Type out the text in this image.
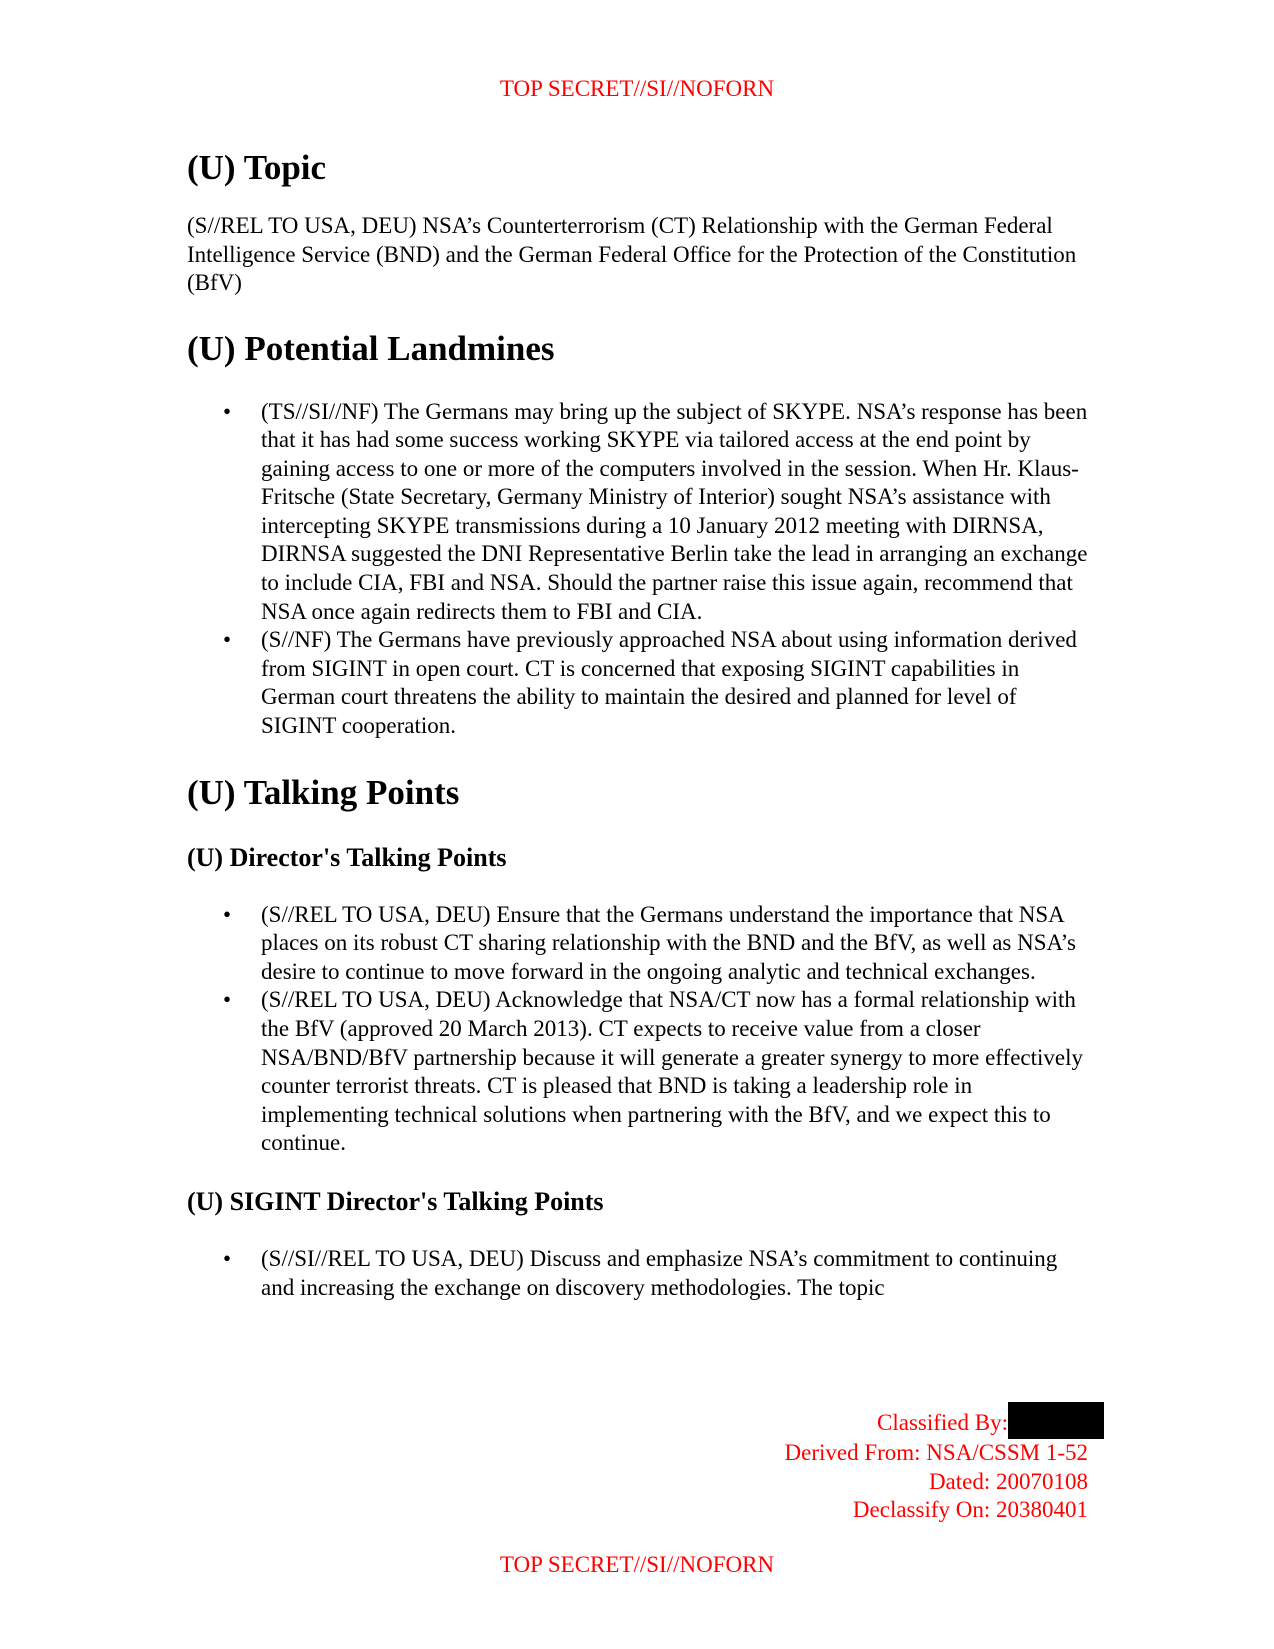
TOP SECRET//SI//NOFORN
(U) Topic

(S//REL TO USA, DEU) NSA’s Counterterrorism (CT) Relationship with the German Federal Intelligence Service (BND) and the German Federal Office for the Protection of the Constitution (BfV)

(U) Potential Landmines
• (TS//SI//NF) The Germans may bring up the subject of SKYPE. NSA’s response has been that it has had some success working SKYPE via tailored access at the end point by gaining access to one or more of the computers involved in the session. When Hr. Klaus-Fritsche (State Secretary, Germany Ministry of Interior) sought NSA’s assistance with intercepting SKYPE transmissions during a 10 January 2012 meeting with DIRNSA, DIRNSA suggested the DNI Representative Berlin take the lead in arranging an exchange to include CIA, FBI and NSA. Should the partner raise this issue again, recommend that NSA once again redirects them to FBI and CIA.
• (S//NF) The Germans have previously approached NSA about using information derived from SIGINT in open court. CT is concerned that exposing SIGINT capabilities in German court threatens the ability to maintain the desired and planned for level of SIGINT cooperation.
(U) Talking Points
(U) Director's Talking Points
• (S//REL TO USA, DEU) Ensure that the Germans understand the importance that NSA places on its robust CT sharing relationship with the BND and the BfV, as well as NSA’s desire to continue to move forward in the ongoing analytic and technical exchanges.
• (S//REL TO USA, DEU) Acknowledge that NSA/CT now has a formal relationship with the BfV (approved 20 March 2013). CT expects to receive value from a closer NSA/BND/BfV partnership because it will generate a greater synergy to more effectively counter terrorist threats. CT is pleased that BND is taking a leadership role in implementing technical solutions when partnering with the BfV, and we expect this to continue.
(U) SIGINT Director's Talking Points
• (S//SI//REL TO USA, DEU) Discuss and emphasize NSA’s commitment to continuing and increasing the exchange on discovery methodologies. The topic
Classified By:
Derived From: NSA/CSSM 1-52
Dated: 20070108
Declassify On: 20380401
TOP SECRET//SI//NOFORN
